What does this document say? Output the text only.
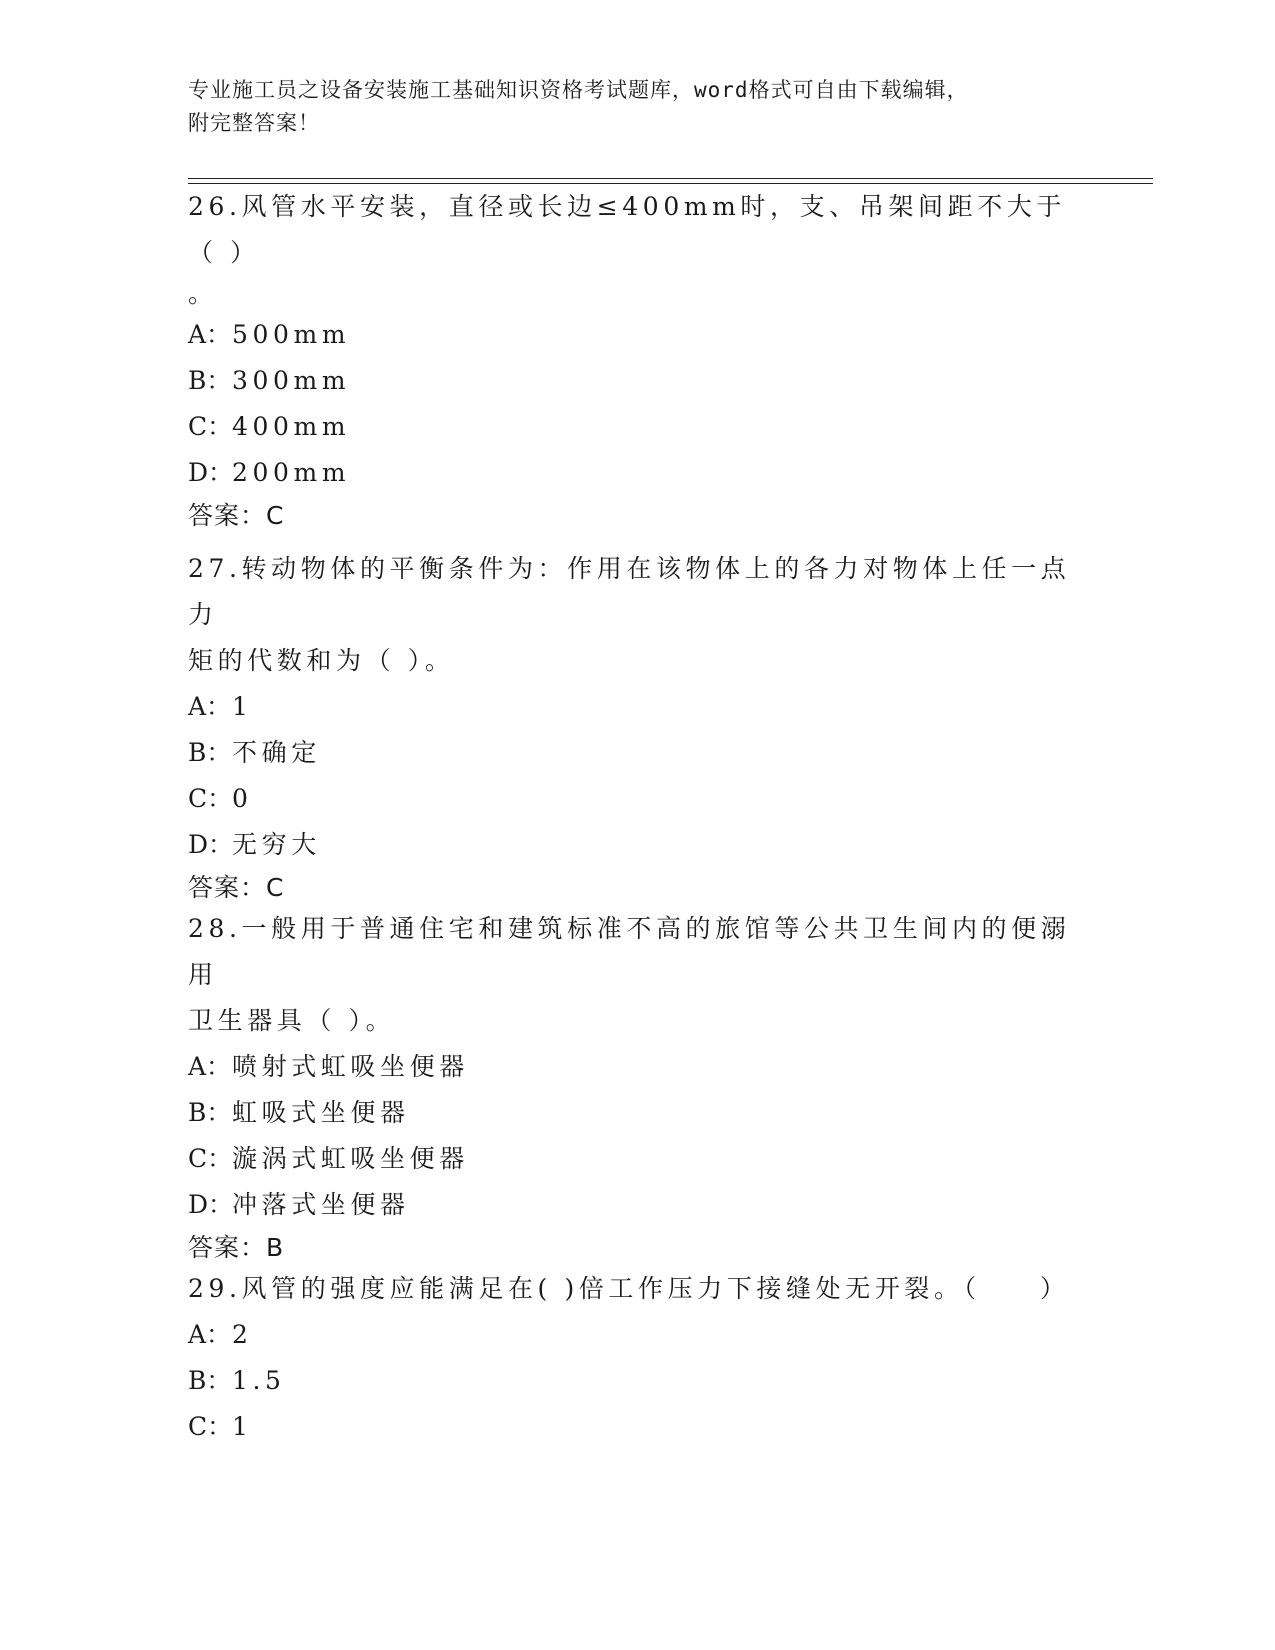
专业施工员之设备安装施工基础知识资格考试题库，word格式可自由下载编辑，
附完整答案！

26.风管水平安装，直径或长边≤400mm时，支、吊架间距不大于（ ）

。

A：500mm

B：300mm

C：400mm

D：200mm

答案：C

27.转动物体的平衡条件为：作用在该物体上的各力对物体上任一点力

矩的代数和为（ ）。

A：1

B：不确定

C：0

D：无穷大

答案：C

28.一般用于普通住宅和建筑标准不高的旅馆等公共卫生间内的便溺用

卫生器具（ ）。

A：喷射式虹吸坐便器

B：虹吸式坐便器

C：漩涡式虹吸坐便器

D：冲落式坐便器

答案：B

29.风管的强度应能满足在( )倍工作压力下接缝处无开裂。（　　）

A：2

B：1.5

C：1
